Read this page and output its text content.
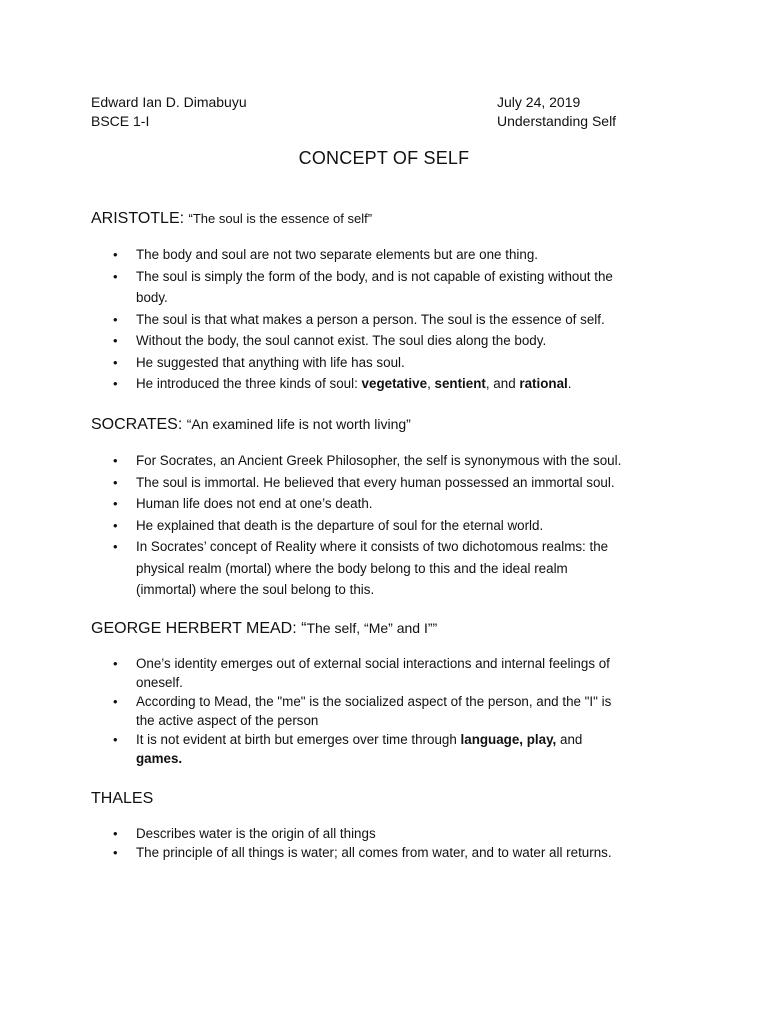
Edward Ian D. Dimabuyu
BSCE 1-I
July 24, 2019
Understanding Self
CONCEPT OF SELF
ARISTOTLE: “The soul is the essence of self”
• The body and soul are not two separate elements but are one thing.
• The soul is simply the form of the body, and is not capable of existing without the
body.
• The soul is that what makes a person a person. The soul is the essence of self.
• Without the body, the soul cannot exist. The soul dies along the body.
• He suggested that anything with life has soul.
• He introduced the three kinds of soul: vegetative, sentient, and rational.
SOCRATES: “An examined life is not worth living”
• For Socrates, an Ancient Greek Philosopher, the self is synonymous with the soul.
• The soul is immortal. He believed that every human possessed an immortal soul.
• Human life does not end at one’s death.
• He explained that death is the departure of soul for the eternal world.
• In Socrates’ concept of Reality where it consists of two dichotomous realms: the
physical realm (mortal) where the body belong to this and the ideal realm
(immortal) where the soul belong to this.
GEORGE HERBERT MEAD: “The self, “Me” and I””
• One’s identity emerges out of external social interactions and internal feelings of
oneself.
• According to Mead, the "me" is the socialized aspect of the person, and the "I" is
the active aspect of the person
• It is not evident at birth but emerges over time through language, play, and
games.
THALES
• Describes water is the origin of all things
• The principle of all things is water; all comes from water, and to water all returns.
